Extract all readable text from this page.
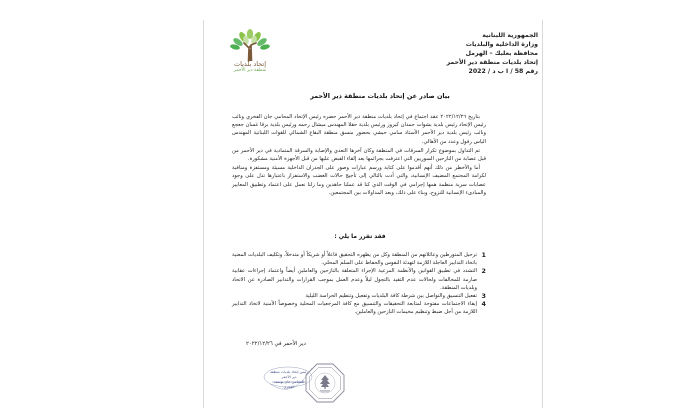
إتحاد بلديات
منطقة دير الأحمر
الجمهورية اللبنانية
وزارة الداخلية والبلديات
محافظة بعلبك – الهرمل
إتحاد بلديات منطقة دير الأحمر
رقم 58 / ا ب د / 2022
بيان صادر عن إتحاد بلديات منطقة دير الأحمر

بتاريخ ٢٠٢٢/١٢/٢٦ عقد اجتماع في إتحاد بلديات منطقة دير الأحمر حضره رئيس الإتحاد المحامي جان الفخري ونائب رئيس الإتحاد رئيس بلدية بشوات حمدان كيروز ورئيس بلدية حقلا المهندس ميشال رحمه ورئيس بلدية برقا غسان جعجع ونائب رئيس بلدية دير الأحمر الأستاذ سامي حبشي بحضور منسق منطقة البقاع الشمالي للقوات اللبنانية المهندس الياس رفول وعدد من الأهالي.

تم التداول بموضوع تكرار السرقات في المنطقة وكان آخرها التعدي والإصابة والسرقة المتمادية في دير الأحمر من قبل عصابة من النازحين السوريين التي اعترفت بجرائمها بعد إلقاء القبض عليها من قبل الأجهزة الأمنية مشكورة.

أما والأخطر من ذلك أنهم أقدموا على كتابة ورسم عبارات وصور على الجدران الداخلية مسيئة ومستفزة ومنافية لكرامة المجتمع المضيف الإنسانية، والتي أدت بالتالي إلى تأجيج حالات الغضب والاستفزاز باعتبارها تدل على وجود عصابات سرية منظمة همها إجرامي في الوقت الذي كنا قد عملنا جاهدين وما زلنا نعمل على اعتماد وتطبيق المعايير والمبادىء الإنسانية للنزوح، وبناء على ذلك، وبعد المداولات بين المجتمعين.

فقد تقرر ما يلي :
1
ترحيل المتورطين وعائلاتهم من المنطقة وكل من يظهره التحقيق فاعلاً أو شريكاً أو متدخلاً، وتكليف البلديات المعنية باتخاذ التدابير العاجلة اللازمة لتهدئة النفوس والحفاظ على السلم المحلي.
2
التشدد في تطبيق القوانين والأنظمة المرعية الإجراء المتعلقة بالنازحين والعاملين أيضاً واعتماد إجراءات عقابية صارمة للمخالفات ولحالات عدم التقيد بالتجول ليلاً وعدم العمل بموجب القرارات والتدابير الصادرة عن الاتحاد وبلديات المنطقة.
3
تفعيل التنسيق والتواصل بين شرطة كافة البلديات وتفعيل وتنظيم الحراسة الليلية
4
إبقاء الاجتماعات مفتوحة لمتابعة التحقيقات والتنسيق مع كافة المرجعيات المحلية وخصوصاً الأمنية لاتخاذ التدابير اللازمة من أجل ضبط وتنظيم مخيمات النازحين والعاملين.
دير الأحمر في ٢٠٢٢/١٢/٢٦
رئيس إتحاد بلديات منطقة دير الأحمر
المحامي جان يوسف الفخري
